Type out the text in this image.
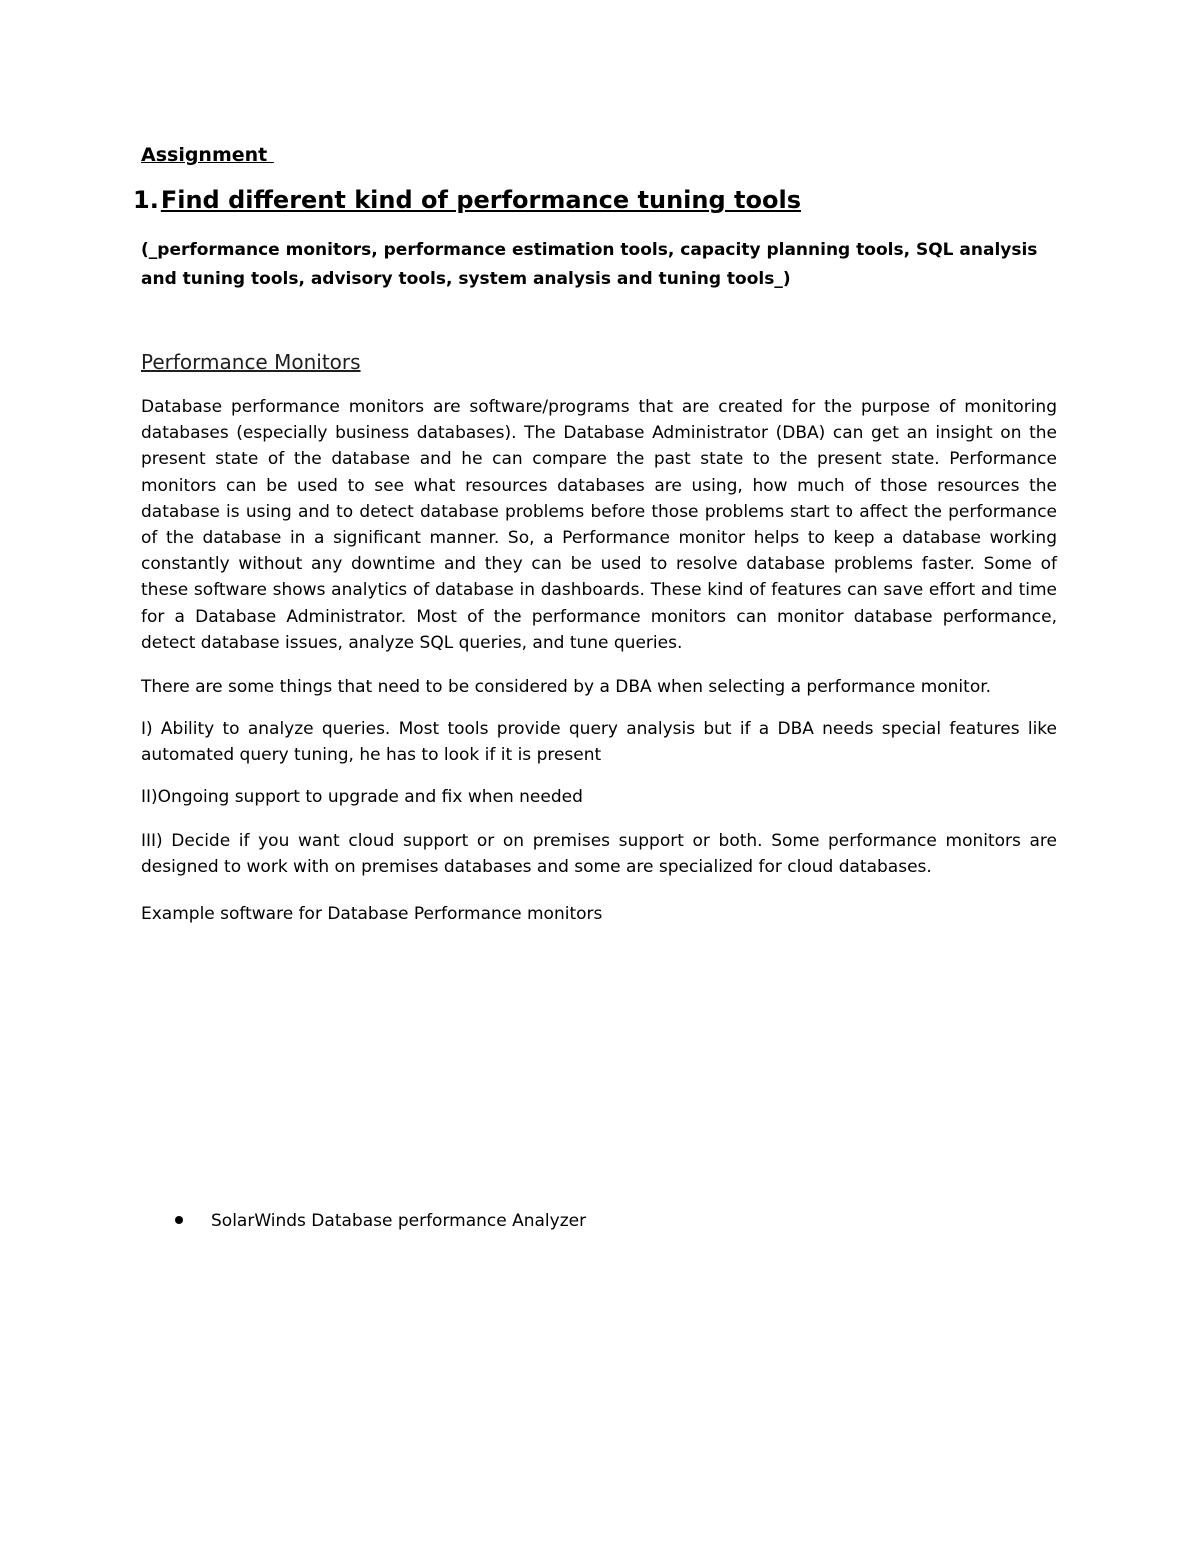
Assignment
1.Find different kind of performance tuning tools
(_performance monitors, performance estimation tools, capacity planning tools, SQL analysis and tuning tools, advisory tools, system analysis and tuning tools_)
Performance Monitors

Database performance monitors are software/programs that are created for the purpose of monitoring databases (especially business databases). The Database Administrator (DBA) can get an insight on the present state of the database and he can compare the past state to the present state. Performance monitors can be used to see what resources databases are using, how much of those resources the database is using and to detect database problems before those problems start to affect the performance of the database in a significant manner. So, a Performance monitor helps to keep a database working constantly without any downtime and they can be used to resolve database problems faster. Some of these software shows analytics of database in dashboards. These kind of features can save effort and time for a Database Administrator. Most of the performance monitors can monitor database performance, detect database issues, analyze SQL queries, and tune queries.

There are some things that need to be considered by a DBA when selecting a performance monitor.

I) Ability to analyze queries. Most tools provide query analysis but if a DBA needs special features like automated query tuning, he has to look if it is present

II)Ongoing support to upgrade and fix when needed

III) Decide if you want cloud support or on premises support or both. Some performance monitors are designed to work with on premises databases and some are specialized for cloud databases.

Example software for Database Performance monitors

SolarWinds Database performance Analyzer
